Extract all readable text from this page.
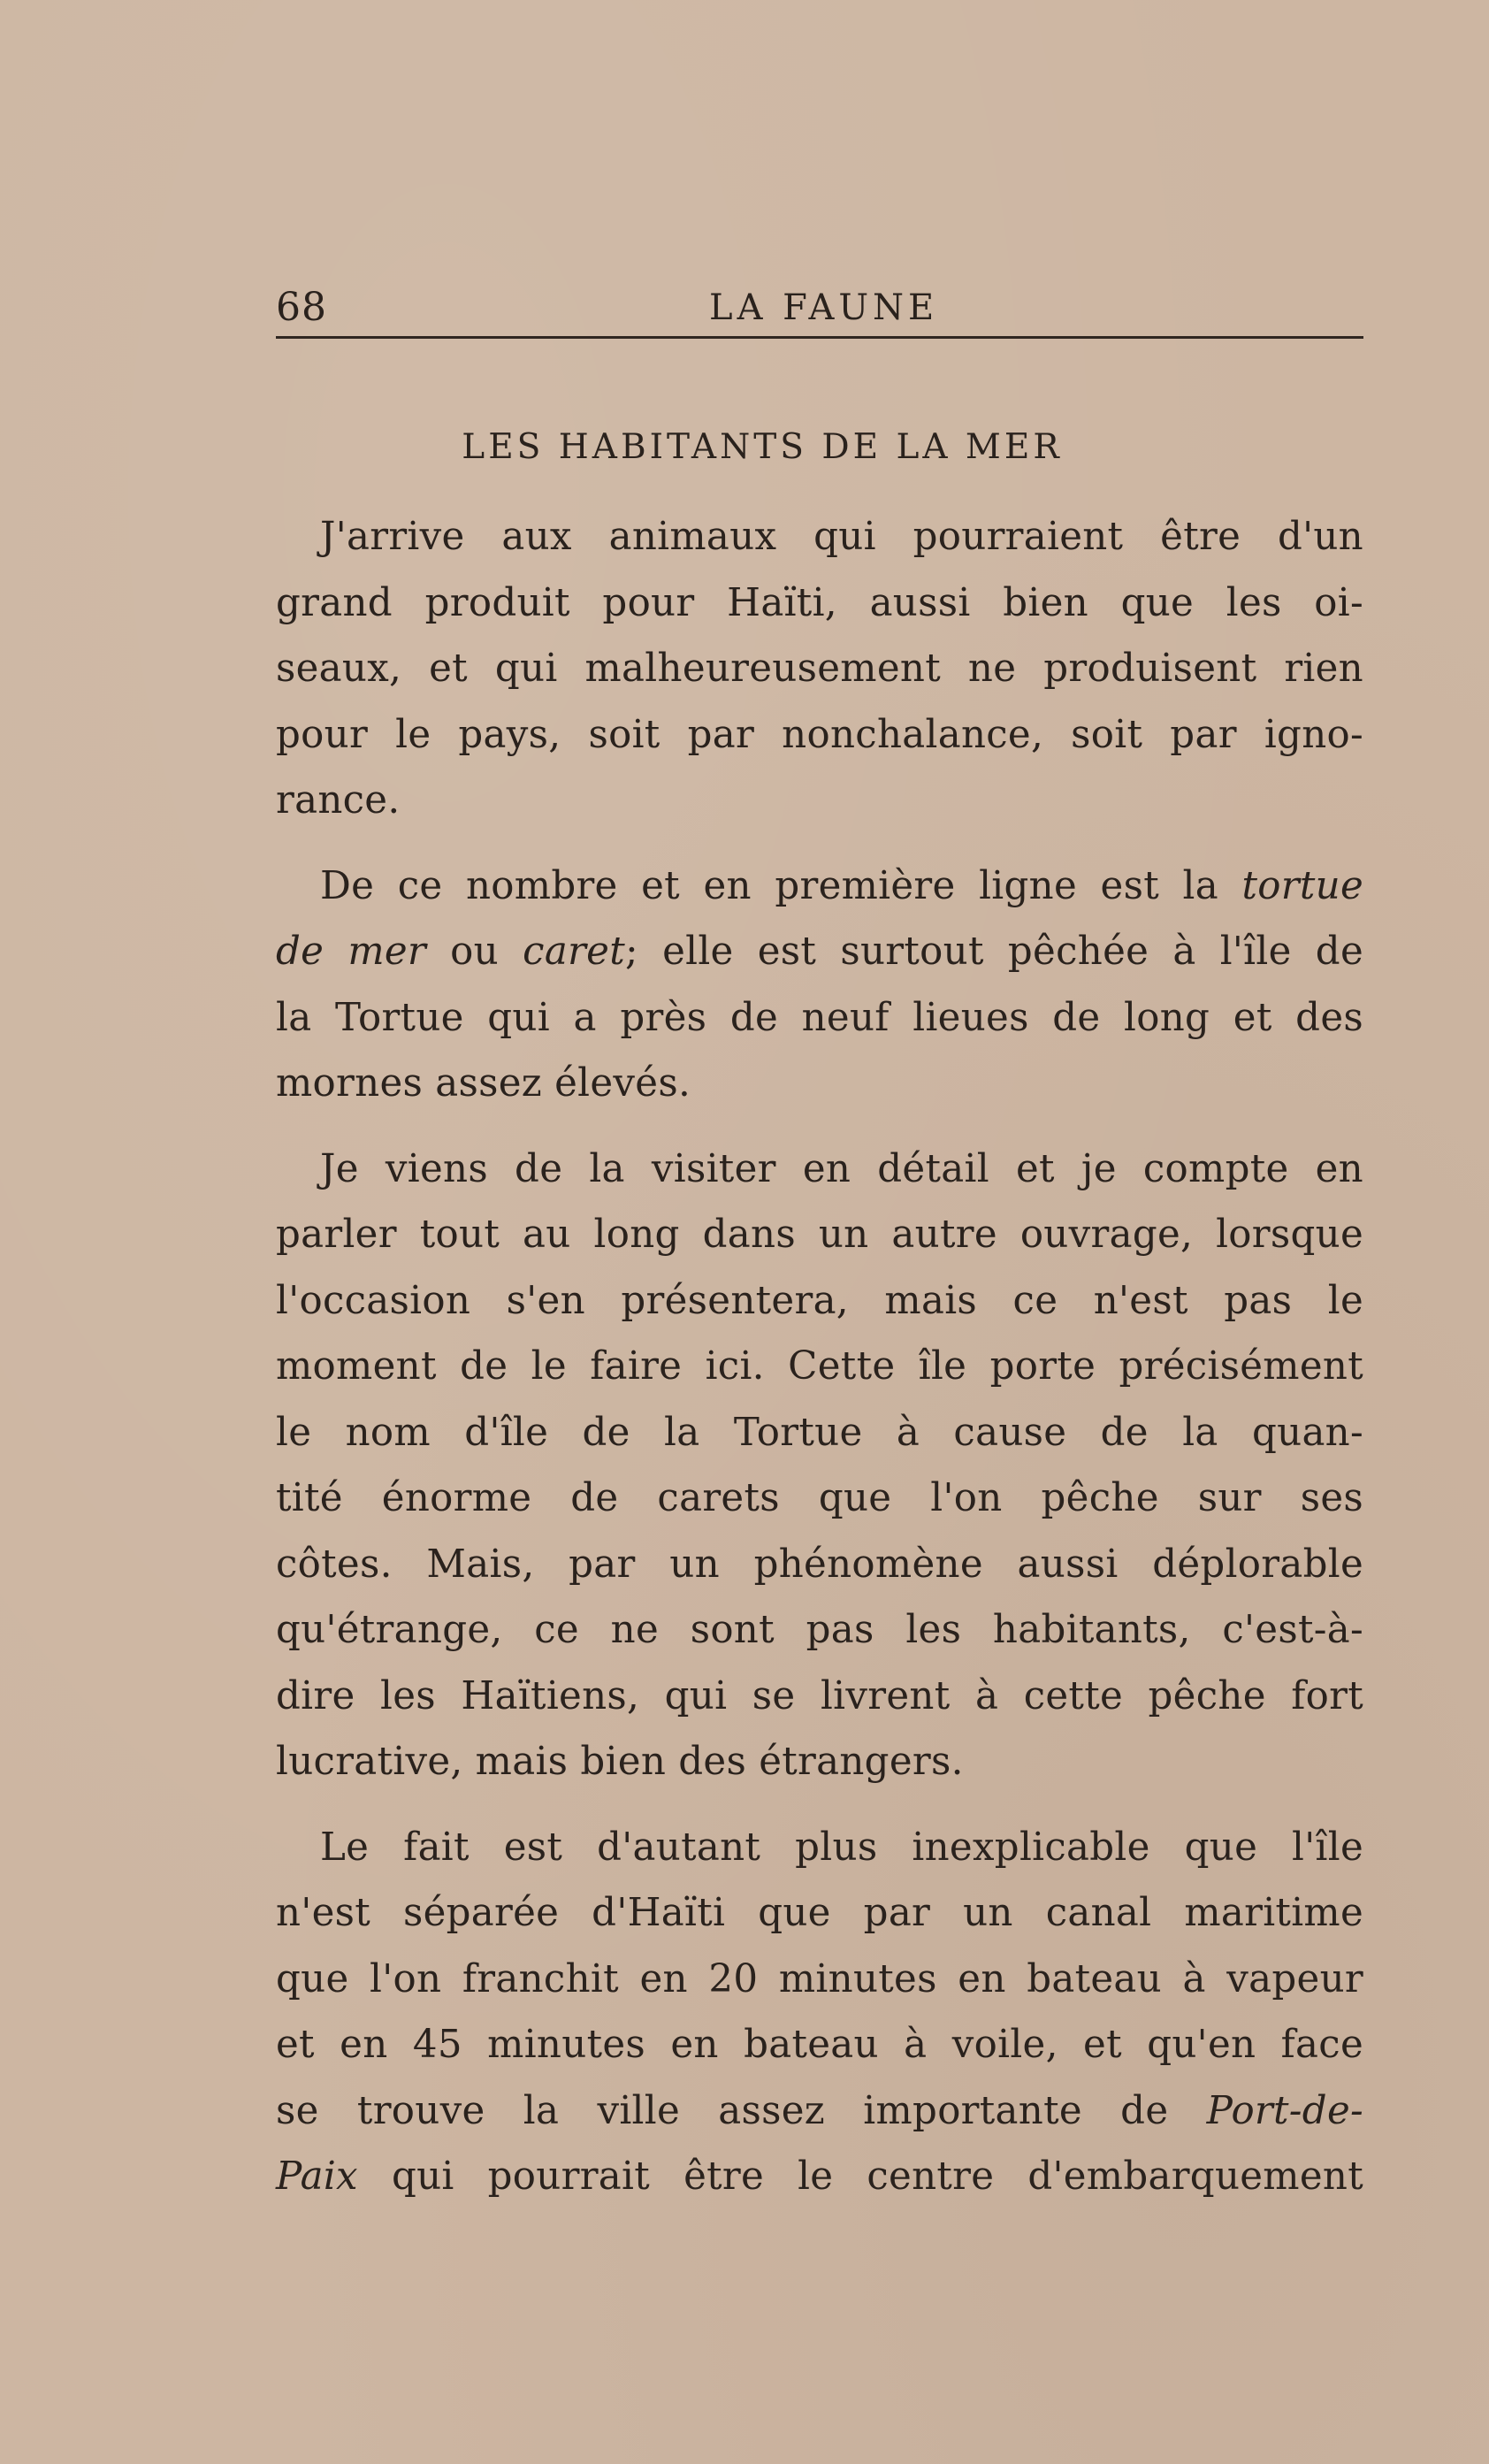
68	LA FAUNE
LES HABITANTS DE LA MER
J'arrive aux animaux qui pourraient être d'un
grand produit pour Haïti, aussi bien que les oi-
seaux, et qui malheureusement ne produisent rien
pour le pays, soit par nonchalance, soit par igno-
rance.
De ce nombre et en première ligne est la tortue
de mer ou caret; elle est surtout pêchée à l'île de
la Tortue qui a près de neuf lieues de long et des
mornes assez élevés.
Je viens de la visiter en détail et je compte en
parler tout au long dans un autre ouvrage, lorsque
l'occasion s'en présentera, mais ce n'est pas le
moment de le faire ici. Cette île porte précisément
le nom d'île de la Tortue à cause de la quan-
tité énorme de carets que l'on pêche sur ses
côtes. Mais, par un phénomène aussi déplorable
qu'étrange, ce ne sont pas les habitants, c'est-à-
dire les Haïtiens, qui se livrent à cette pêche fort
lucrative, mais bien des étrangers.
Le fait est d'autant plus inexplicable que l'île
n'est séparée d'Haïti que par un canal maritime
que l'on franchit en 20 minutes en bateau à vapeur
et en 45 minutes en bateau à voile, et qu'en face
se trouve la ville assez importante de Port-de-
Paix qui pourrait être le centre d'embarquement
